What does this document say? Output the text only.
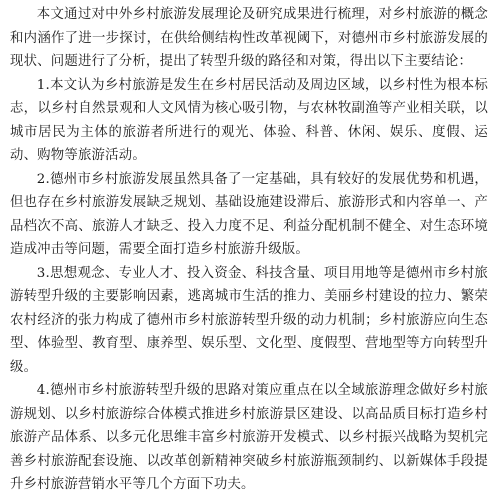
本文通过对中外乡村旅游发展理论及研究成果进行梳理，对乡村旅游的概念和内涵作了进一步探讨，在供给侧结构性改革视阈下，对德州市乡村旅游发展的现状、问题进行了分析，提出了转型升级的路径和对策，得出以下主要结论：

1.本文认为乡村旅游是发生在乡村居民活动及周边区域，以乡村性为根本标志，以乡村自然景观和人文风情为核心吸引物，与农林牧副渔等产业相关联，以城市居民为主体的旅游者所进行的观光、体验、科普、休闲、娱乐、度假、运动、购物等旅游活动。

2.德州市乡村旅游发展虽然具备了一定基础，具有较好的发展优势和机遇，但也存在乡村旅游发展缺乏规划、基础设施建设滞后、旅游形式和内容单一、产品档次不高、旅游人才缺乏、投入力度不足、利益分配机制不健全、对生态环境造成冲击等问题，需要全面打造乡村旅游升级版。

3.思想观念、专业人才、投入资金、科技含量、项目用地等是德州市乡村旅游转型升级的主要影响因素，逃离城市生活的推力、美丽乡村建设的拉力、繁荣农村经济的张力构成了德州市乡村旅游转型升级的动力机制；乡村旅游应向生态型、体验型、教育型、康养型、娱乐型、文化型、度假型、营地型等方向转型升级。

4.德州市乡村旅游转型升级的思路对策应重点在以全域旅游理念做好乡村旅游规划、以乡村旅游综合体模式推进乡村旅游景区建设、以高品质目标打造乡村旅游产品体系、以多元化思维丰富乡村旅游开发模式、以乡村振兴战略为契机完善乡村旅游配套设施、以改革创新精神突破乡村旅游瓶颈制约、以新媒体手段提升乡村旅游营销水平等几个方面下功夫。
